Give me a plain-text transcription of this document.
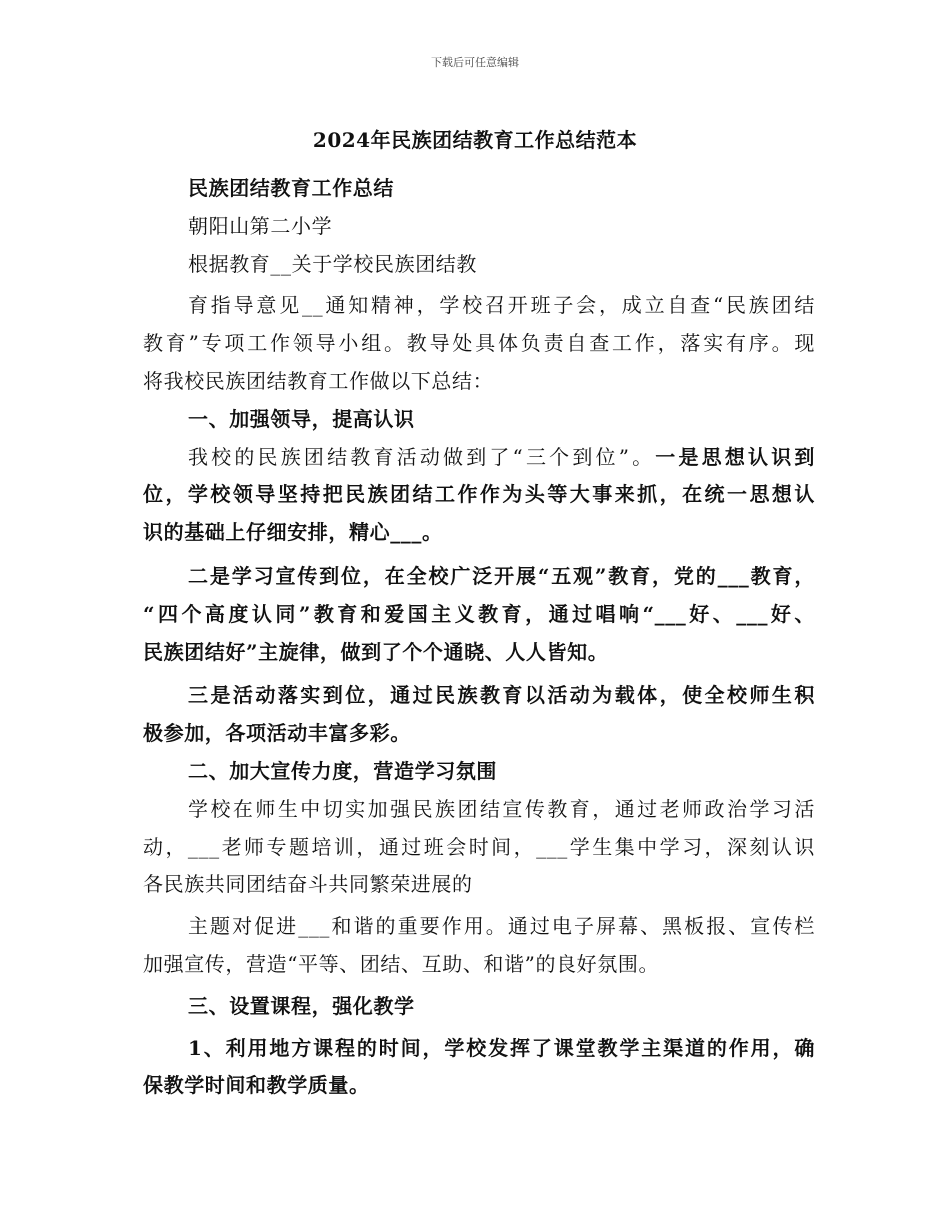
下载后可任意编辑
2024年民族团结教育工作总结范本
民族团结教育工作总结
朝阳山第二小学
根据教育__关于学校民族团结教
育指导意见__通知精神，学校召开班子会，成立自查“民族团结
教育”专项工作领导小组。教导处具体负责自查工作，落实有序。现
将我校民族团结教育工作做以下总结：
一、加强领导，提高认识
我校的民族团结教育活动做到了“三个到位”。一是思想认识到
位，学校领导坚持把民族团结工作作为头等大事来抓，在统一思想认
识的基础上仔细安排，精心___。
二是学习宣传到位，在全校广泛开展“五观”教育，党的___教育，
“四个高度认同”教育和爱国主义教育，通过唱响“___好、___好、
民族团结好”主旋律，做到了个个通晓、人人皆知。
三是活动落实到位，通过民族教育以活动为载体，使全校师生积
极参加，各项活动丰富多彩。
二、加大宣传力度，营造学习氛围
学校在师生中切实加强民族团结宣传教育，通过老师政治学习活
动，___老师专题培训，通过班会时间，___学生集中学习，深刻认识
各民族共同团结奋斗共同繁荣进展的
主题对促进___和谐的重要作用。通过电子屏幕、黑板报、宣传栏
加强宣传，营造“平等、团结、互助、和谐”的良好氛围。
三、设置课程，强化教学
1、利用地方课程的时间，学校发挥了课堂教学主渠道的作用，确
保教学时间和教学质量。
